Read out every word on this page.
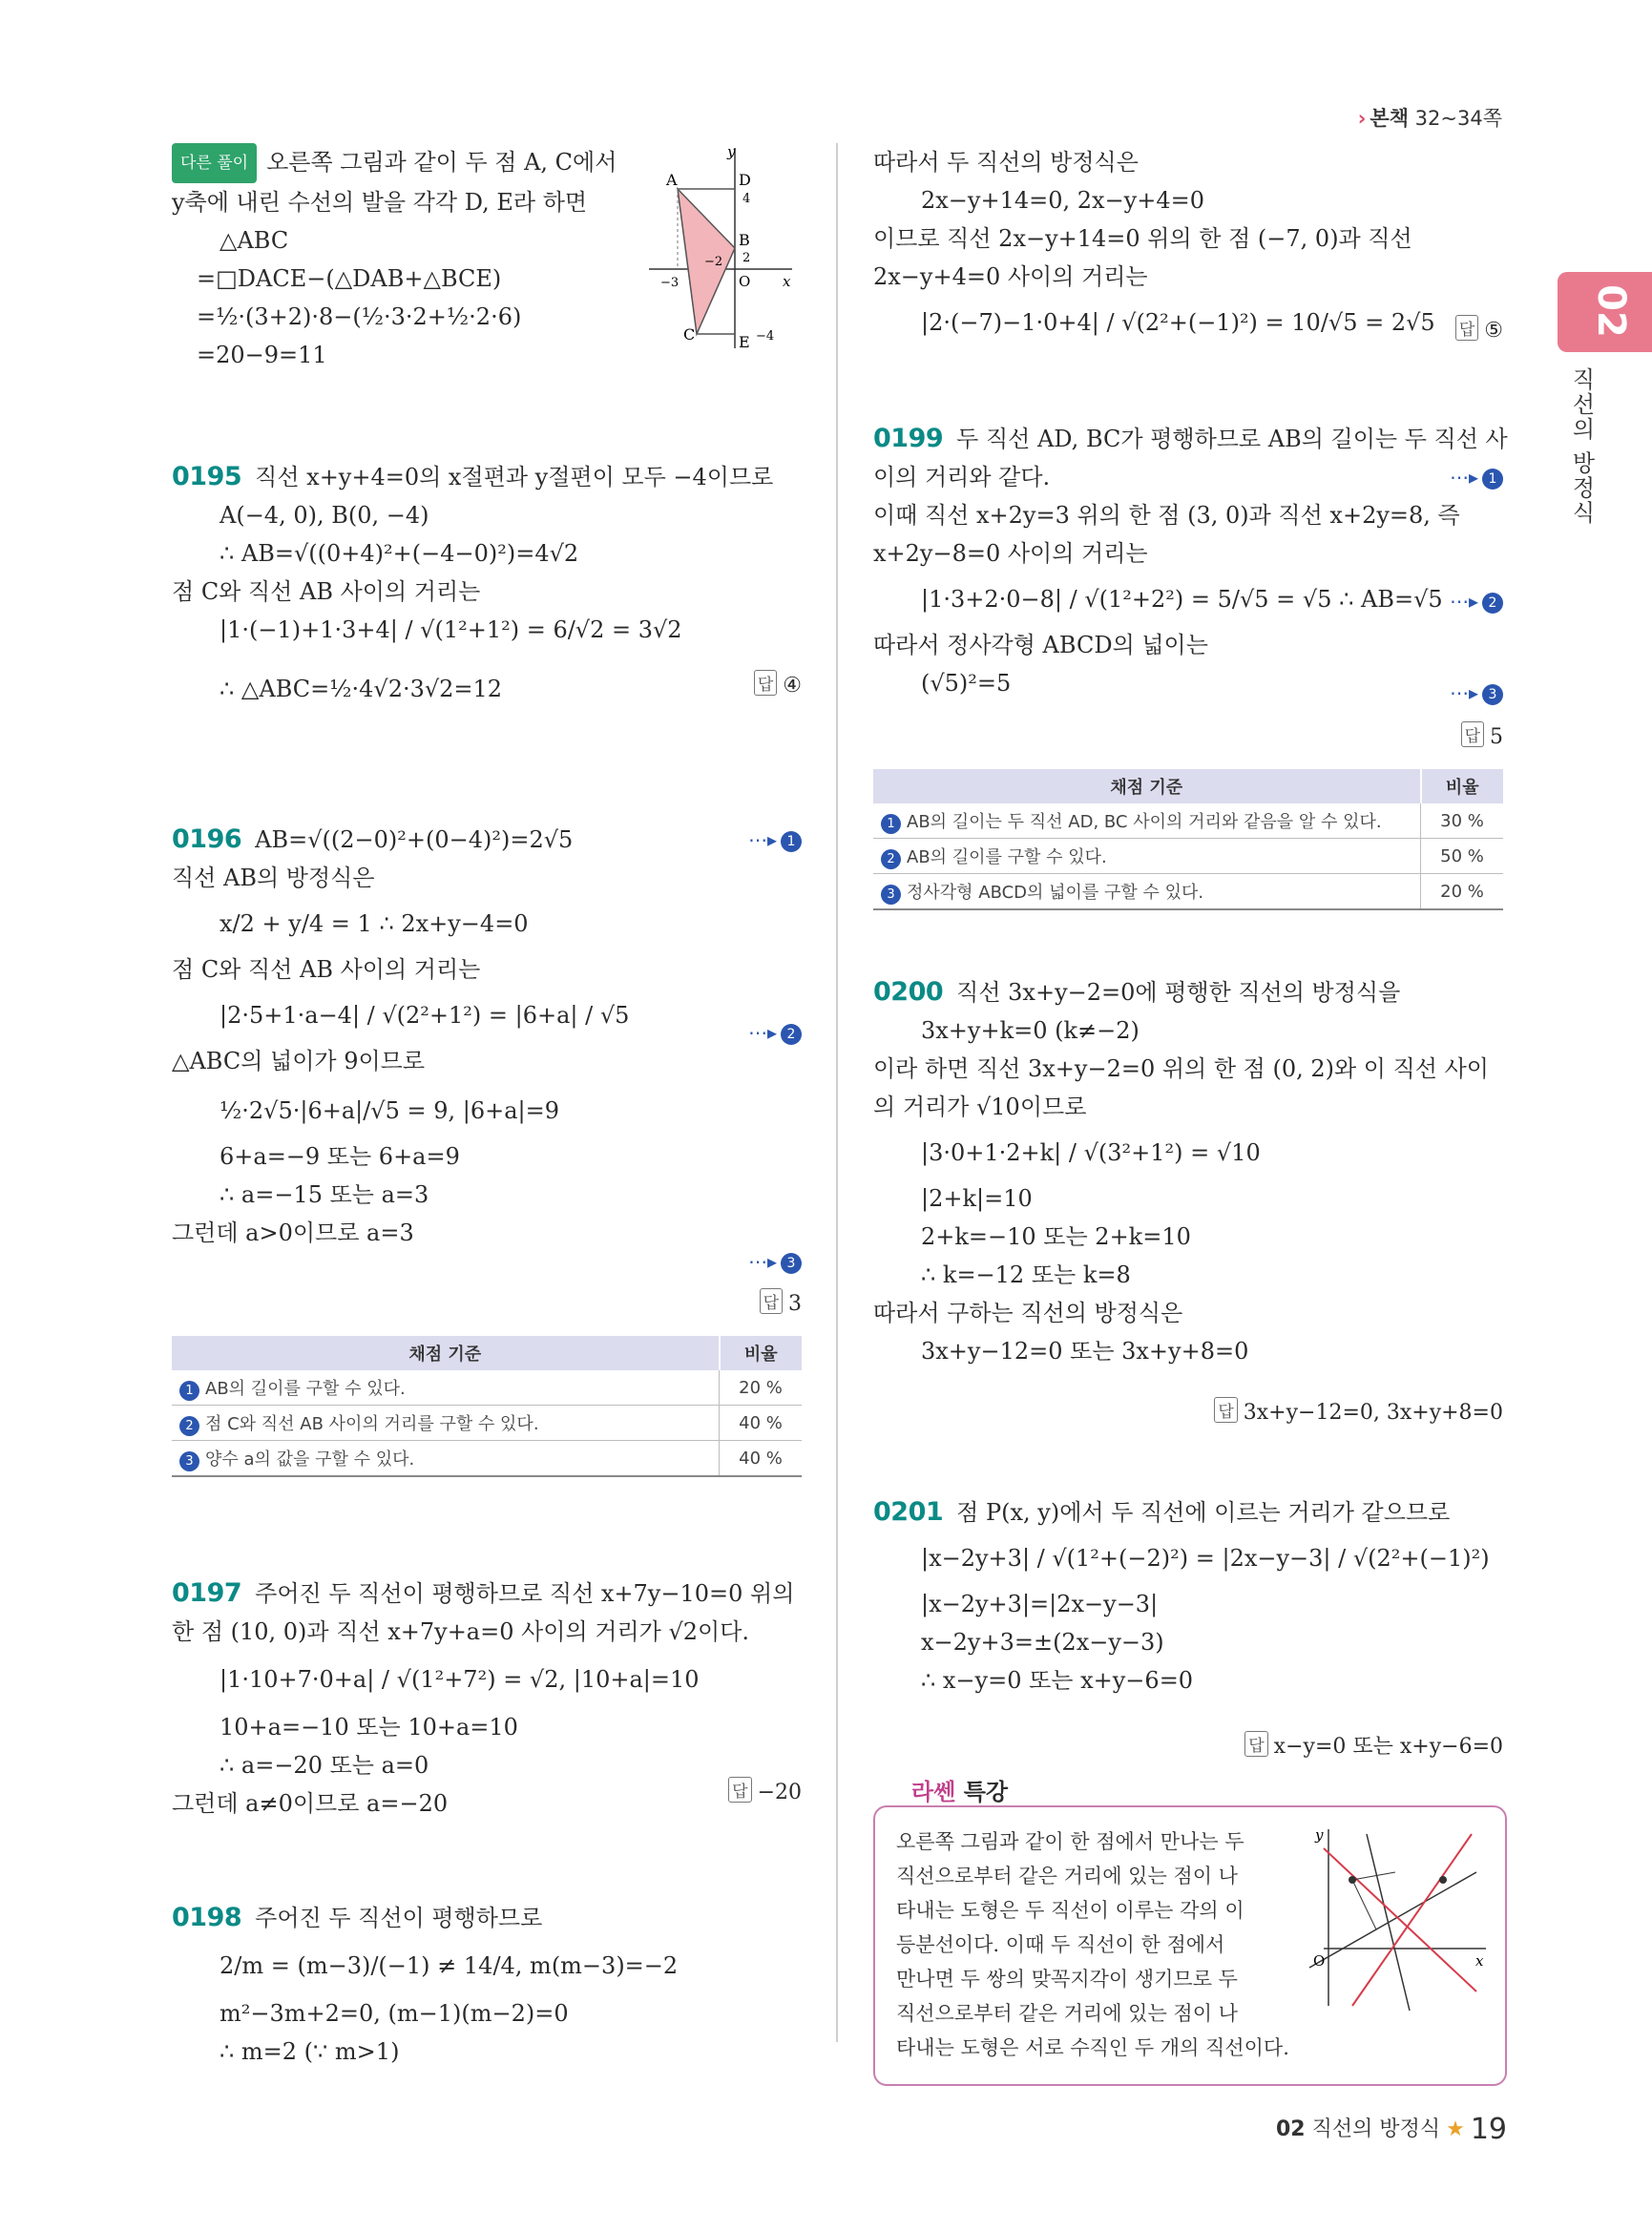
› 본책 32~34쪽
02
직선의 방정식
다른 풀이 오른쪽 그림과 같이 두 점 A, C에서
y축에 내린 수선의 발을 각각 D, E라 하면
△ABC
=□DACE−(△DAB+△BCE)
=½·(3+2)·8−(½·3·2+½·2·6)
=20−9=11
A	D
4
B
2
−2
−3	O x
y
C	E −4
0195 직선 x+y+4=0의 x절편과 y절편이 모두 −4이므로
A(−4, 0), B(0, −4)
∴ AB=√((0+4)²+(−4−0)²)=4√2
점 C와 직선 AB 사이의 거리는
|1·(−1)+1·3+4| / √(1²+1²) = 6/√2 = 3√2
∴ △ABC=½·4√2·3√2=12	답 ④
0196 AB=√((2−0)²+(0−4)²)=2√5
직선 AB의 방정식은
x/2 + y/4 = 1 ∴ 2x+y−4=0
점 C와 직선 AB 사이의 거리는
|2·5+1·a−4| / √(2²+1²) = |6+a| / √5
△ABC의 넓이가 9이므로
½·2√5·|6+a|/√5 = 9, |6+a|=9
6+a=−9 또는 6+a=9
∴ a=−15 또는 a=3
그런데 a>0이므로 a=3
⋯▸ 1
⋯▸ 2
⋯▸ 3
답 3
채점 기준	비율
1 AB의 길이를 구할 수 있다.	20 %
2 점 C와 직선 AB 사이의 거리를 구할 수 있다.	40 %
3 양수 a의 값을 구할 수 있다.	40 %
0197 주어진 두 직선이 평행하므로 직선 x+7y−10=0 위의
한 점 (10, 0)과 직선 x+7y+a=0 사이의 거리가 √2이다.
|1·10+7·0+a| / √(1²+7²) = √2, |10+a|=10
10+a=−10 또는 10+a=10
∴ a=−20 또는 a=0
그런데 a≠0이므로 a=−20	답 −20
0198 주어진 두 직선이 평행하므로
2/m = (m−3)/(−1) ≠ 14/4, m(m−3)=−2
m²−3m+2=0, (m−1)(m−2)=0
∴ m=2 (∵ m>1)
따라서 두 직선의 방정식은
2x−y+14=0, 2x−y+4=0
이므로 직선 2x−y+14=0 위의 한 점 (−7, 0)과 직선
2x−y+4=0 사이의 거리는
|2·(−7)−1·0+4| / √(2²+(−1)²) = 10/√5 = 2√5	답 ⑤
0199 두 직선 AD, BC가 평행하므로 AB의 길이는 두 직선 사
이의 거리와 같다.
이때 직선 x+2y=3 위의 한 점 (3, 0)과 직선 x+2y=8, 즉
x+2y−8=0 사이의 거리는
|1·3+2·0−8| / √(1²+2²) = 5/√5 = √5 ∴ AB=√5
따라서 정사각형 ABCD의 넓이는
(√5)²=5
⋯▸ 1
⋯▸ 2
⋯▸ 3
답 5
채점 기준	비율
1 AB의 길이는 두 직선 AD, BC 사이의 거리와 같음을 알 수 있다.	30 %
2 AB의 길이를 구할 수 있다.	50 %
3 정사각형 ABCD의 넓이를 구할 수 있다.	20 %
0200 직선 3x+y−2=0에 평행한 직선의 방정식을
3x+y+k=0 (k≠−2)
이라 하면 직선 3x+y−2=0 위의 한 점 (0, 2)와 이 직선 사이
의 거리가 √10이므로
|3·0+1·2+k| / √(3²+1²) = √10
|2+k|=10
2+k=−10 또는 2+k=10
∴ k=−12 또는 k=8
따라서 구하는 직선의 방정식은
3x+y−12=0 또는 3x+y+8=0
답 3x+y−12=0, 3x+y+8=0
0201 점 P(x, y)에서 두 직선에 이르는 거리가 같으므로
|x−2y+3| / √(1²+(−2)²) = |2x−y−3| / √(2²+(−1)²)
|x−2y+3|=|2x−y−3|
x−2y+3=±(2x−y−3)
∴ x−y=0 또는 x+y−6=0
답 x−y=0 또는 x+y−6=0
라쎈 특강
오른쪽 그림과 같이 한 점에서 만나는 두
직선으로부터 같은 거리에 있는 점이 나
타내는 도형은 두 직선이 이루는 각의 이
등분선이다. 이때 두 직선이 한 점에서
만나면 두 쌍의 맞꼭지각이 생기므로 두
직선으로부터 같은 거리에 있는 점이 나
타내는 도형은 서로 수직인 두 개의 직선이다.
y
O	x
02 직선의 방정식 ★ 19
